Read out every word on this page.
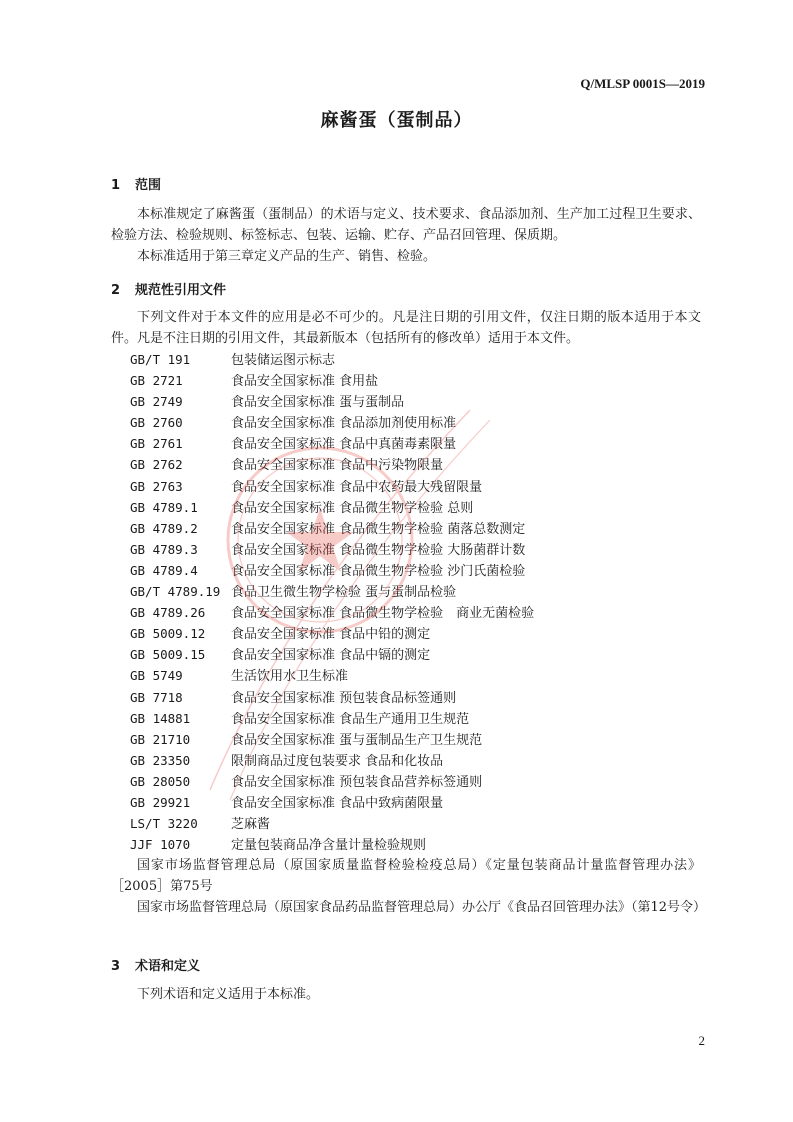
Q/MLSP 0001S—2019
麻酱蛋（蛋制品）
1 范围

本标准规定了麻酱蛋（蛋制品）的术语与定义、技术要求、食品添加剂、生产加工过程卫生要求、检验方法、检验规则、标签标志、包装、运输、贮存、产品召回管理、保质期。

本标准适用于第三章定义产品的生产、销售、检验。

2 规范性引用文件

下列文件对于本文件的应用是必不可少的。凡是注日期的引用文件，仅注日期的版本适用于本文件。凡是不注日期的引用文件，其最新版本（包括所有的修改单）适用于本文件。

GB/T 191	包装储运图示标志
GB 2721	食品安全国家标准 食用盐
GB 2749	食品安全国家标准 蛋与蛋制品
GB 2760	食品安全国家标准 食品添加剂使用标准
GB 2761	食品安全国家标准 食品中真菌毒素限量
GB 2762	食品安全国家标准 食品中污染物限量
GB 2763	食品安全国家标准 食品中农药最大残留限量
GB 4789.1	食品安全国家标准 食品微生物学检验 总则
GB 4789.2	食品安全国家标准 食品微生物学检验 菌落总数测定
GB 4789.3	食品安全国家标准 食品微生物学检验 大肠菌群计数
GB 4789.4	食品安全国家标准 食品微生物学检验 沙门氏菌检验
GB/T 4789.19 食品卫生微生物学检验 蛋与蛋制品检验
GB 4789.26 食品安全国家标准 食品微生物学检验　商业无菌检验
GB 5009.12 食品安全国家标准 食品中铅的测定
GB 5009.15 食品安全国家标准 食品中镉的测定
GB 5749	生活饮用水卫生标准
GB 7718	食品安全国家标准 预包装食品标签通则
GB 14881	食品安全国家标准 食品生产通用卫生规范
GB 21710	食品安全国家标准 蛋与蛋制品生产卫生规范
GB 23350	限制商品过度包装要求 食品和化妆品
GB 28050	食品安全国家标准 预包装食品营养标签通则
GB 29921	食品安全国家标准 食品中致病菌限量
LS/T 3220	芝麻酱
JJF 1070	定量包装商品净含量计量检验规则

国家市场监督管理总局（原国家质量监督检验检疫总局）《定量包装商品计量监督管理办法》［2005］第75号

国家市场监督管理总局（原国家食品药品监督管理总局）办公厅《食品召回管理办法》（第12号令）

3 术语和定义

下列术语和定义适用于本标准。

2
